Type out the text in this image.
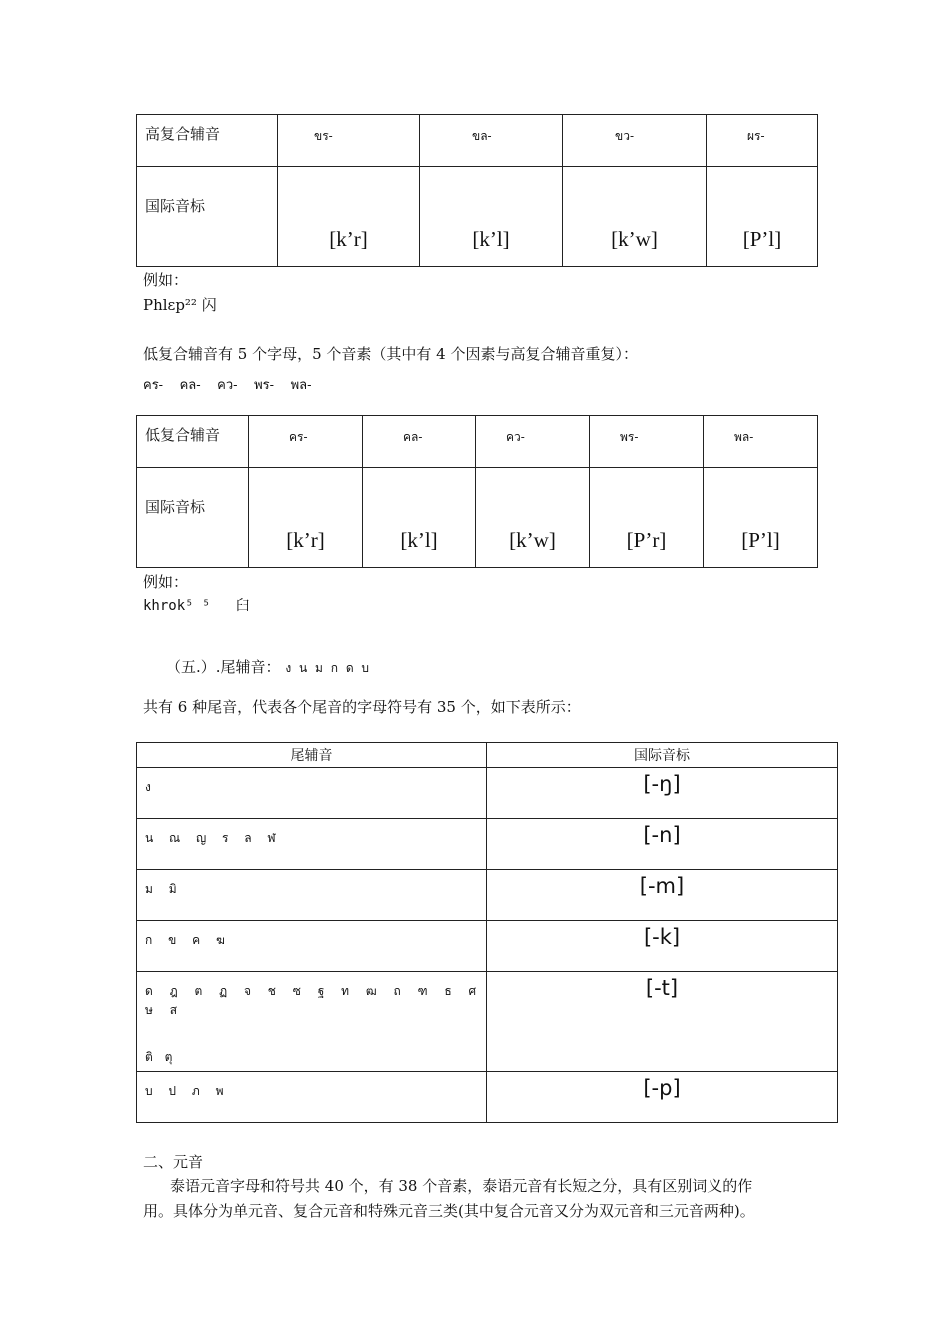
高复合辅音	ขร-	ขล-	ขว-	ผร-
国际音标	[k’r]	[k’l]	[k’w]	[P’l]
例如：
Phlɛp²² 闪
低复合辅音有 5 个字母，5 个音素（其中有 4 个因素与高复合辅音重复）：
คร-    คล-    คว-    พร-    พล-
低复合辅音	คร-	คล-	คว-	พร-	พล-
国际音标	[k’r]	[k’l]	[k’w]	[P’r]	[P’l]
例如：
khrok⁵ ⁵   臼
（五.）.尾辅音： ง น ม ก ด บ
共有 6 种尾音，代表各个尾音的字母符号有 35 个，如下表所示：
尾辅音	国际音标
ง	[-ŋ]
น ณ ญ ร ล ฬ	[-n]
ม มิ	[-m]
ก ข ค ฆ	[-k]

ด ฎ ต ฏ จ ช ซ ฐ ท ฒ ถ ฑ ธ ศ ษ ส
ติ ตุ	[-t]
บ ป ภ พ	[-p]
二、元音
泰语元音字母和符号共 40 个，有 38 个音素，泰语元音有长短之分，具有区别词义的作
用。具体分为单元音、复合元音和特殊元音三类(其中复合元音又分为双元音和三元音两种)。
